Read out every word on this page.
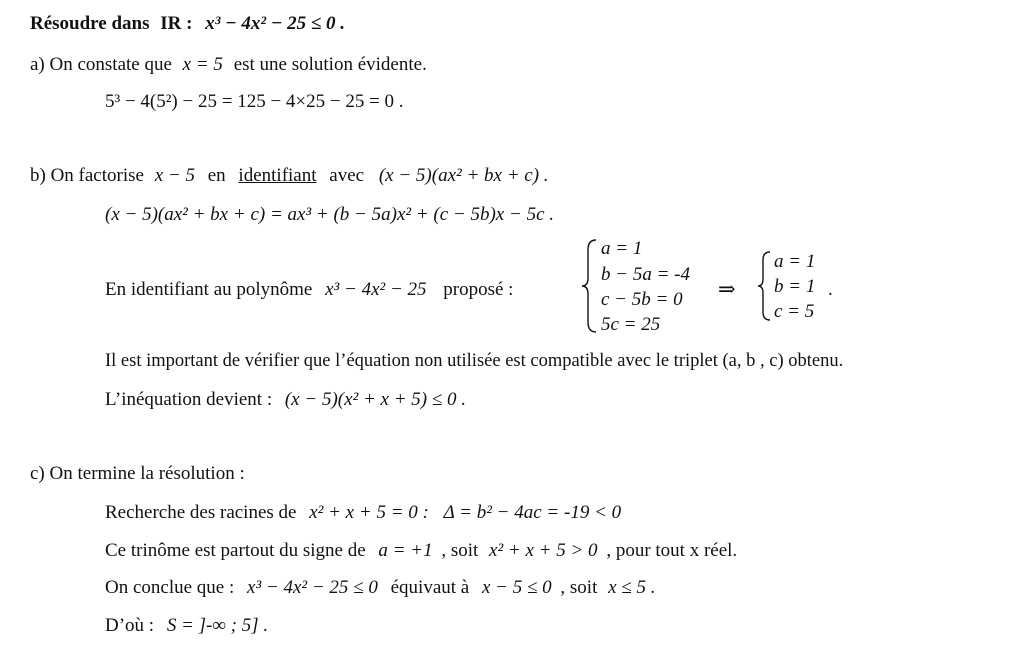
Résoudre dans IR : x³ − 4x² − 25 ≤ 0 .
a) On constate que x = 5 est une solution évidente.
5³ − 4(5²) − 25 = 125 − 4×25 − 25 = 0 .
b) On factorise x − 5 en identifiant avec (x − 5)(ax² + bx + c) .
(x − 5)(ax² + bx + c) = ax³ + (b − 5a)x² + (c − 5b)x − 5c .
En identifiant au polynôme x³ − 4x² − 25 proposé :
a = 1
b − 5a = -4
c − 5b = 0
5c = 25
⇒
a = 1
b = 1
c = 5
.
Il est important de vérifier que l’équation non utilisée est compatible avec le triplet (a, b , c) obtenu.
L’inéquation devient : (x − 5)(x² + x + 5) ≤ 0 .
c) On termine la résolution :
Recherche des racines de x² + x + 5 = 0 : Δ = b² − 4ac = -19 < 0
Ce trinôme est partout du signe de a = +1 , soit x² + x + 5 > 0 , pour tout x réel.
On conclue que : x³ − 4x² − 25 ≤ 0 équivaut à x − 5 ≤ 0 , soit x ≤ 5 .
D’où : S = ]-∞ ; 5] .
